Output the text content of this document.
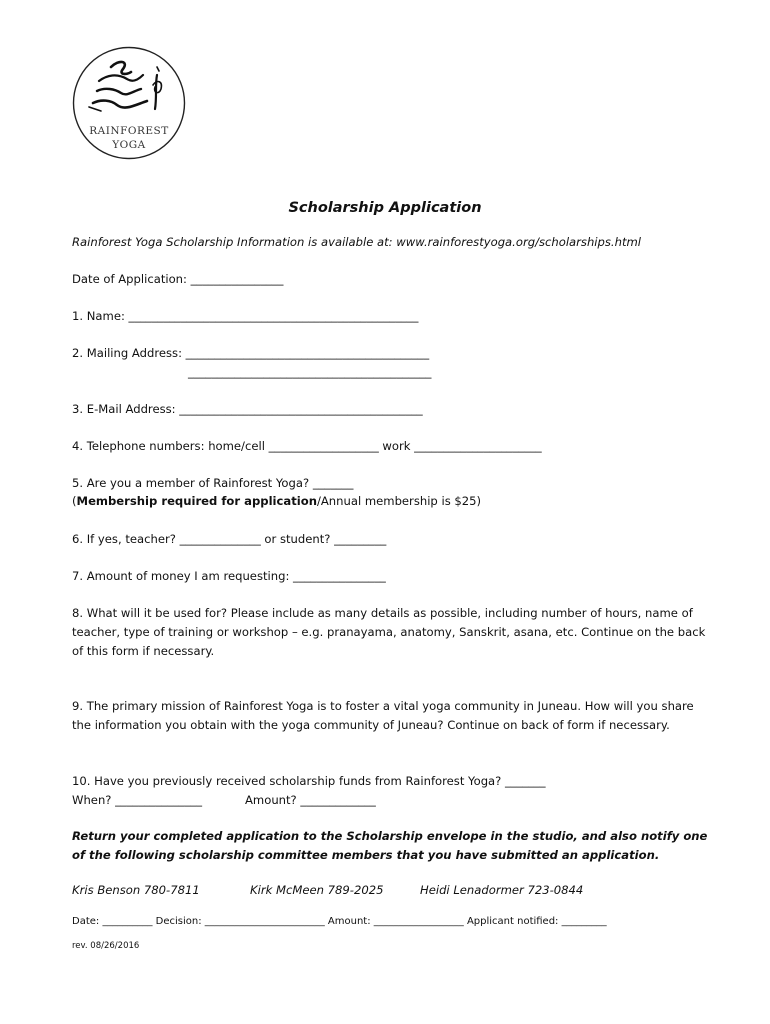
RAINFOREST
YOGA
Scholarship Application
Rainforest Yoga Scholarship Information is available at: www.rainforestyoga.org/scholarships.html
Date of Application: ________________
1. Name: __________________________________________________
2. Mailing Address: __________________________________________
__________________________________________
3. E-Mail Address: __________________________________________
4. Telephone numbers: home/cell ___________________ work ______________________
5. Are you a member of Rainforest Yoga? _______
(Membership required for application/Annual membership is $25)
6. If yes, teacher? ______________ or student? _________
7. Amount of money I am requesting: ________________
8. What will it be used for? Please include as many details as possible, including number of hours, name of
teacher, type of training or workshop – e.g. pranayama, anatomy, Sanskrit, asana, etc. Continue on the back
of this form if necessary.
9. The primary mission of Rainforest Yoga is to foster a vital yoga community in Juneau. How will you share
the information you obtain with the yoga community of Juneau? Continue on back of form if necessary.
10. Have you previously received scholarship funds from Rainforest Yoga? _______
When? _______________	Amount? _____________
Return your completed application to the Scholarship envelope in the studio, and also notify one
of the following scholarship committee members that you have submitted an application.
Kris Benson 780-7811	Kirk McMeen 789-2025	Heidi Lenadormer 723-0844
Date: __________ Decision: ________________________ Amount: __________________ Applicant notified: _________
rev. 08/26/2016
